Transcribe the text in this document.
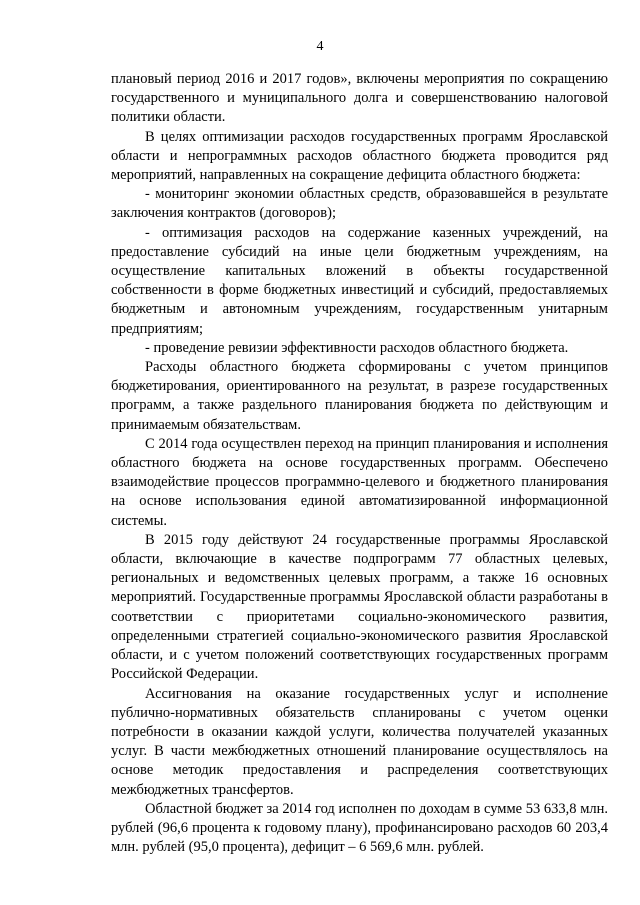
4

плановый период 2016 и 2017 годов», включены мероприятия по сокращению государственного и муниципального долга и совершенствованию налоговой политики области.

В целях оптимизации расходов государственных программ Ярославской области и непрограммных расходов областного бюджета проводится ряд мероприятий, направленных на сокращение дефицита областного бюджета:

- мониторинг экономии областных средств, образовавшейся в результате заключения контрактов (договоров);

- оптимизация расходов на содержание казенных учреждений, на предоставление субсидий на иные цели бюджетным учреждениям, на осуществление капитальных вложений в объекты государственной собственности в форме бюджетных инвестиций и субсидий, предоставляемых бюджетным и автономным учреждениям, государственным унитарным предприятиям;

- проведение ревизии эффективности расходов областного бюджета.

Расходы областного бюджета сформированы с учетом принципов бюджетирования, ориентированного на результат, в разрезе государственных программ, а также раздельного планирования бюджета по действующим и принимаемым обязательствам.

С 2014 года осуществлен переход на принцип планирования и исполнения областного бюджета на основе государственных программ. Обеспечено взаимодействие процессов программно-целевого и бюджетного планирования на основе использования единой автоматизированной информационной системы.

В 2015 году действуют 24 государственные программы Ярославской области, включающие в качестве подпрограмм 77 областных целевых, региональных и ведомственных целевых программ, а также 16 основных мероприятий. Государственные программы Ярославской области разработаны в соответствии с приоритетами социально-экономического развития, определенными стратегией социально-экономического развития Ярославской области, и с учетом положений соответствующих государственных программ Российской Федерации.

Ассигнования на оказание государственных услуг и исполнение публично-нормативных обязательств спланированы с учетом оценки потребности в оказании каждой услуги, количества получателей указанных услуг. В части межбюджетных отношений планирование осуществлялось на основе методик предоставления и распределения соответствующих межбюджетных трансфертов.

Областной бюджет за 2014 год исполнен по доходам в сумме 53 633,8 млн. рублей (96,6 процента к годовому плану), профинансировано расходов 60 203,4 млн. рублей (95,0 процента), дефицит – 6 569,6 млн. рублей.
